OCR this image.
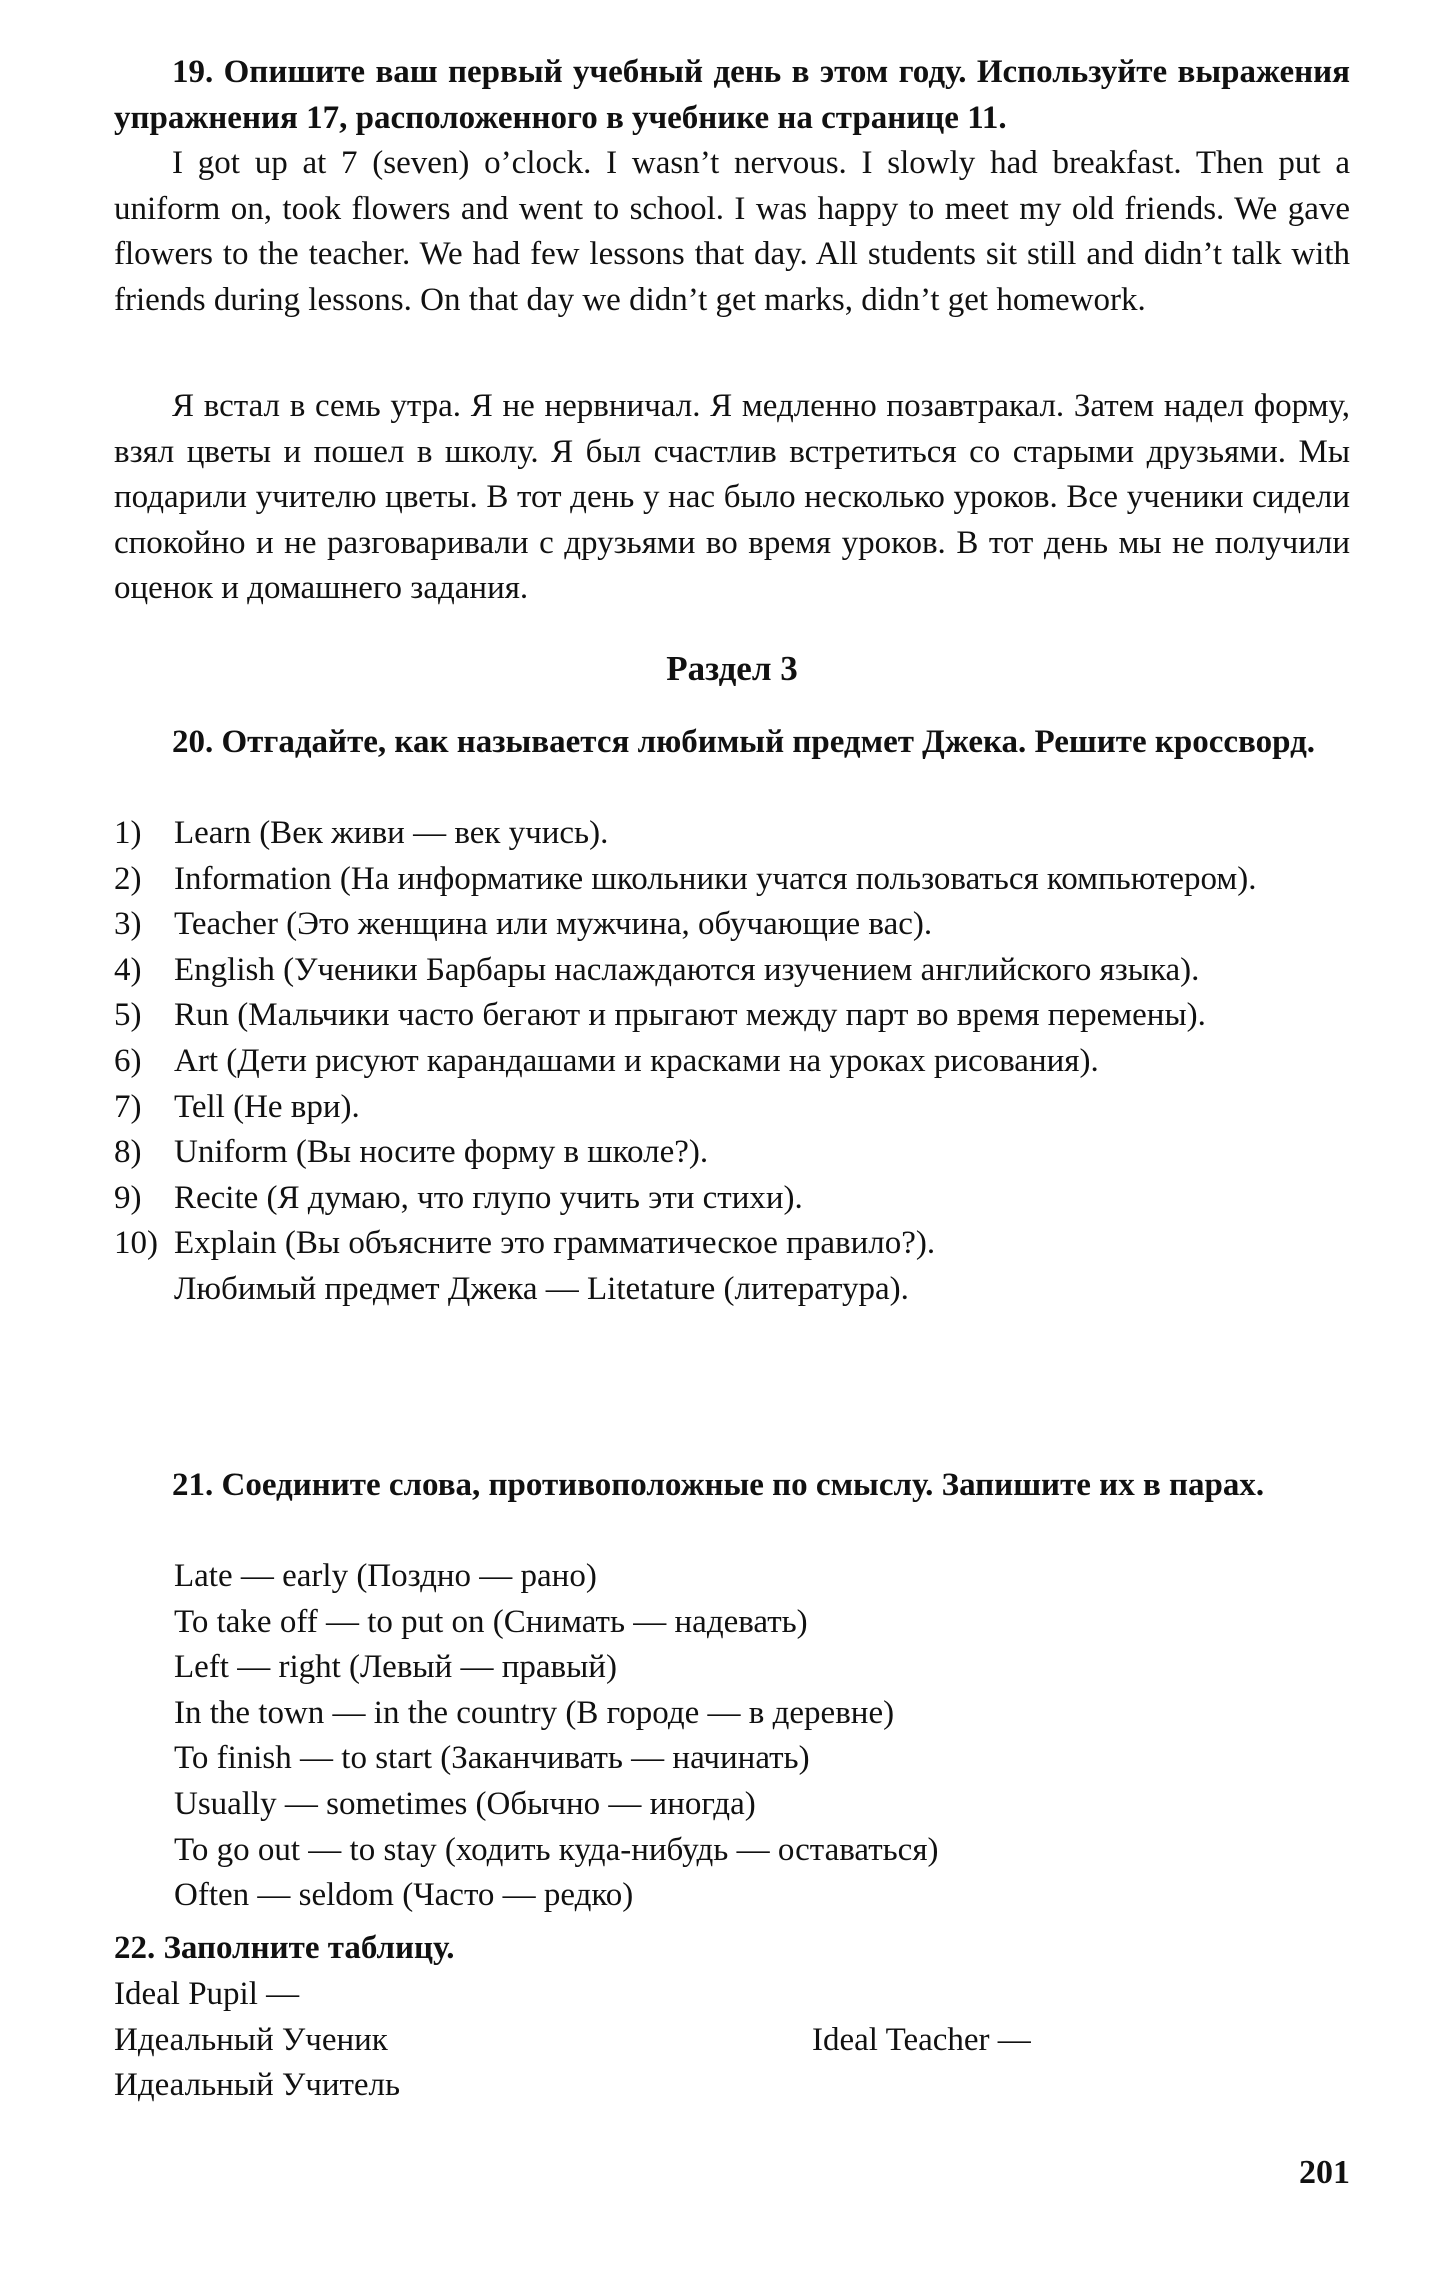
19. Опишите ваш первый учебный день в этом году. Используйте выражения упражнения 17, расположенного в учебнике на странице 11.
I got up at 7 (seven) o’clock. I wasn’t nervous. I slowly had breakfast. Then put a uniform on, took flowers and went to school. I was happy to meet my old friends. We gave flowers to the teacher. We had few lessons that day. All students sit still and didn’t talk with friends during lessons. On that day we didn’t get marks, didn’t get homework.
Я встал в семь утра. Я не нервничал. Я медленно позавтракал. Затем надел форму, взял цветы и пошел в школу. Я был счастлив встретиться со старыми друзьями. Мы подарили учителю цветы. В тот день у нас было несколько уроков. Все ученики сидели спокойно и не разговаривали с друзьями во время уроков. В тот день мы не получили оценок и домашнего задания.
Раздел 3
20. Отгадайте, как называется любимый предмет Джека. Решите кроссворд.
1) Learn (Век живи — век учись).
2) Information (На информатике школьники учатся пользоваться компьютером).
3) Teacher (Это женщина или мужчина, обучающие вас).
4) English (Ученики Барбары наслаждаются изучением английского языка).
5) Run (Мальчики часто бегают и прыгают между парт во время перемены).
6) Art (Дети рисуют карандашами и красками на уроках рисования).
7) Tell (Не ври).
8) Uniform (Вы носите форму в школе?).
9) Recite (Я думаю, что глупо учить эти стихи).
10) Explain (Вы объясните это грамматическое правило?).
Любимый предмет Джека — Litetature (литература).
21. Соедините слова, противоположные по смыслу. Запишите их в парах.
Late — early (Поздно — рано)
To take off — to put on (Снимать — надевать)
Left — right (Левый — правый)
In the town — in the country (В городе — в деревне)
To finish — to start (Заканчивать — начинать)
Usually — sometimes (Обычно — иногда)
To go out — to stay (ходить куда-нибудь — оставаться)
Often — seldom (Часто — редко)
22. Заполните таблицу.
Ideal Pupil —
Идеальный Ученик	Ideal Teacher —
Идеальный Учитель
201
